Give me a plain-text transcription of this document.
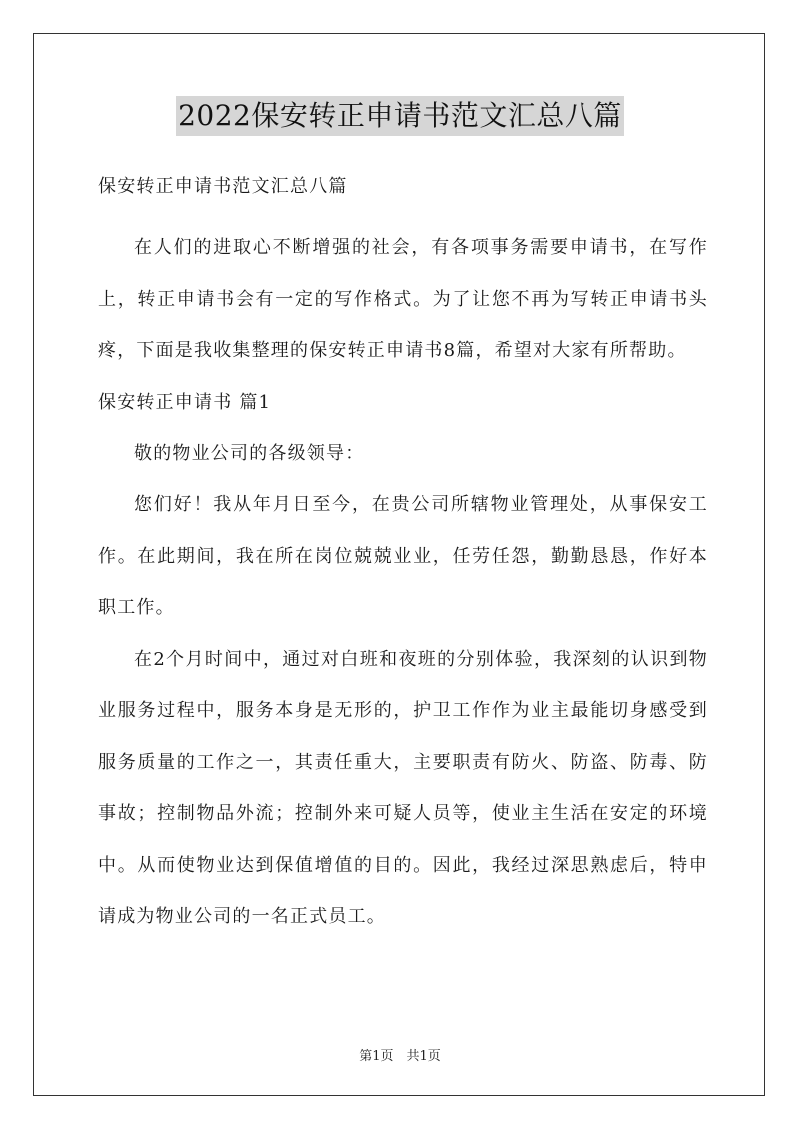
2022保安转正申请书范文汇总八篇

保安转正申请书范文汇总八篇

在人们的进取心不断增强的社会，有各项事务需要申请书，在写作上，转正申请书会有一定的写作格式。为了让您不再为写转正申请书头疼，下面是我收集整理的保安转正申请书8篇，希望对大家有所帮助。

保安转正申请书 篇1

敬的物业公司的各级领导：

您们好！我从年月日至今，在贵公司所辖物业管理处，从事保安工作。在此期间，我在所在岗位兢兢业业，任劳任怨，勤勤恳恳，作好本职工作。

在2个月时间中，通过对白班和夜班的分别体验，我深刻的认识到物业服务过程中，服务本身是无形的，护卫工作作为业主最能切身感受到服务质量的工作之一，其责任重大，主要职责有防火、防盗、防毒、防事故；控制物品外流；控制外来可疑人员等，使业主生活在安定的环境中。从而使物业达到保值增值的目的。因此，我经过深思熟虑后，特申请成为物业公司的一名正式员工。

第1页　共1页
